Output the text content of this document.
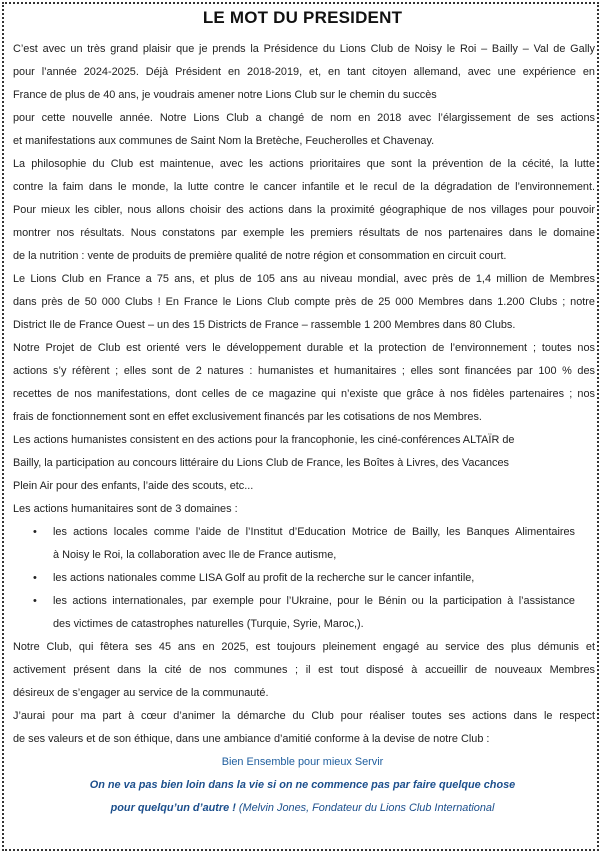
LE MOT DU PRESIDENT
C’est avec un très grand plaisir que je prends la Présidence du Lions Club de Noisy le Roi – Bailly – Val de Gally
pour l’année 2024-2025. Déjà Président en 2018-2019, et, en tant citoyen allemand, avec une expérience en
France de plus de 40 ans, je voudrais amener notre Lions Club sur le chemin du succès
pour cette nouvelle année. Notre Lions Club a changé de nom en 2018 avec l’élargissement de ses actions
et manifestations aux communes de Saint Nom la Bretèche, Feucherolles et Chavenay.
La philosophie du Club est maintenue, avec les actions prioritaires que sont la prévention de la cécité, la lutte
contre la faim dans le monde, la lutte contre le cancer infantile et le recul de la dégradation de l’environnement.
Pour mieux les cibler, nous allons choisir des actions dans la proximité géographique de nos villages pour pouvoir
montrer nos résultats. Nous constatons par exemple les premiers résultats de nos partenaires dans le domaine
de la nutrition : vente de produits de première qualité de notre région et consommation en circuit court.
Le Lions Club en France a 75 ans, et plus de 105 ans au niveau mondial, avec près de 1,4 million de Membres
dans près de 50 000 Clubs ! En France le Lions Club compte près de 25 000 Membres dans 1.200 Clubs ; notre
District Ile de France Ouest – un des 15 Districts de France – rassemble 1 200 Membres dans 80 Clubs.
Notre Projet de Club est orienté vers le développement durable et la protection de l’environnement ; toutes nos
actions s’y réfèrent ; elles sont de 2 natures : humanistes et humanitaires ; elles sont financées par 100 % des
recettes de nos manifestations, dont celles de ce magazine qui n’existe que grâce à nos fidèles partenaires ; nos
frais de fonctionnement sont en effet exclusivement financés par les cotisations de nos Membres.
Les actions humanistes consistent en des actions pour la francophonie, les ciné-conférences ALTAÏR de
Bailly, la participation au concours littéraire du Lions Club de France, les Boîtes à Livres, des Vacances
Plein Air pour des enfants, l’aide des scouts, etc...
Les actions humanitaires sont de 3 domaines :
• les actions locales comme l’aide de l’Institut d’Education Motrice de Bailly, les Banques Alimentaires
à Noisy le Roi, la collaboration avec Ile de France autisme,
• les actions nationales comme LISA Golf au profit de la recherche sur le cancer infantile,
• les actions internationales, par exemple pour l’Ukraine, pour le Bénin ou la participation à l’assistance
des victimes de catastrophes naturelles (Turquie, Syrie, Maroc,).
Notre Club, qui fêtera ses 45 ans en 2025, est toujours pleinement engagé au service des plus démunis et
activement présent dans la cité de nos communes ; il est tout disposé à accueillir de nouveaux Membres
désireux de s’engager au service de la communauté.
J’aurai pour ma part à cœur d’animer la démarche du Club pour réaliser toutes ses actions dans le respect
de ses valeurs et de son éthique, dans une ambiance d’amitié conforme à la devise de notre Club :
Bien Ensemble pour mieux Servir
On ne va pas bien loin dans la vie si on ne commence pas par faire quelque chose
pour quelqu’un d’autre ! (Melvin Jones, Fondateur du Lions Club International
